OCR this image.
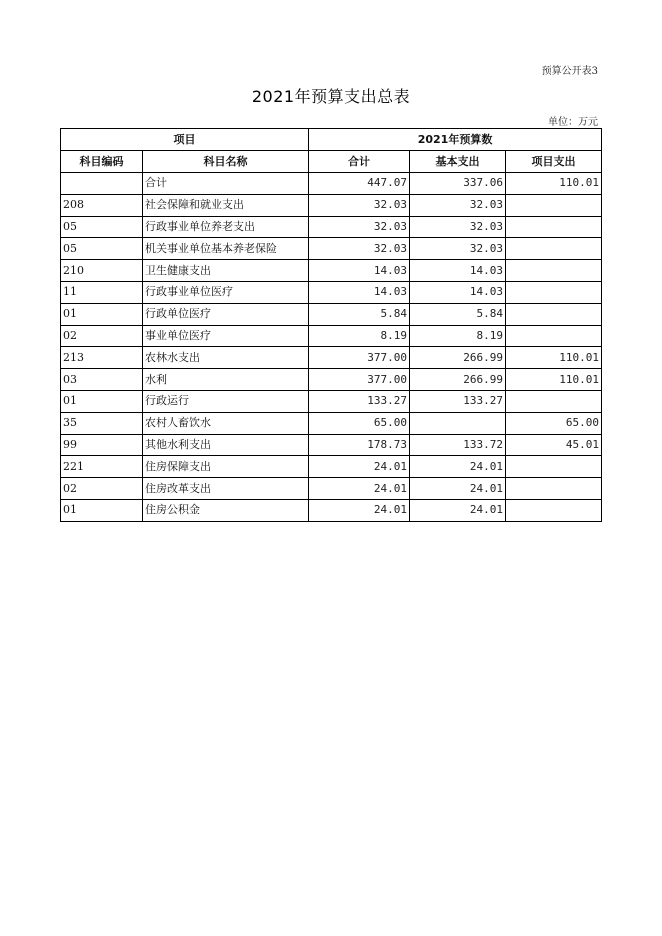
预算公开表3
2021年预算支出总表
单位：万元
项目		2021年预算数		
科目编码	科目名称	合计	基本支出	项目支出
	合计	447.07	337.06	110.01
208	社会保障和就业支出	32.03	32.03	
05	行政事业单位养老支出	32.03	32.03	
05	机关事业单位基本养老保险	32.03	32.03	
210	卫生健康支出	14.03	14.03	
11	行政事业单位医疗	14.03	14.03	
01	行政单位医疗	5.84	5.84	
02	事业单位医疗	8.19	8.19	
213	农林水支出	377.00	266.99	110.01
03	水利	377.00	266.99	110.01
01	行政运行	133.27	133.27	
35	农村人畜饮水	65.00		65.00
99	其他水利支出	178.73	133.72	45.01
221	住房保障支出	24.01	24.01	
02	住房改革支出	24.01	24.01	
01	住房公积金	24.01	24.01	
